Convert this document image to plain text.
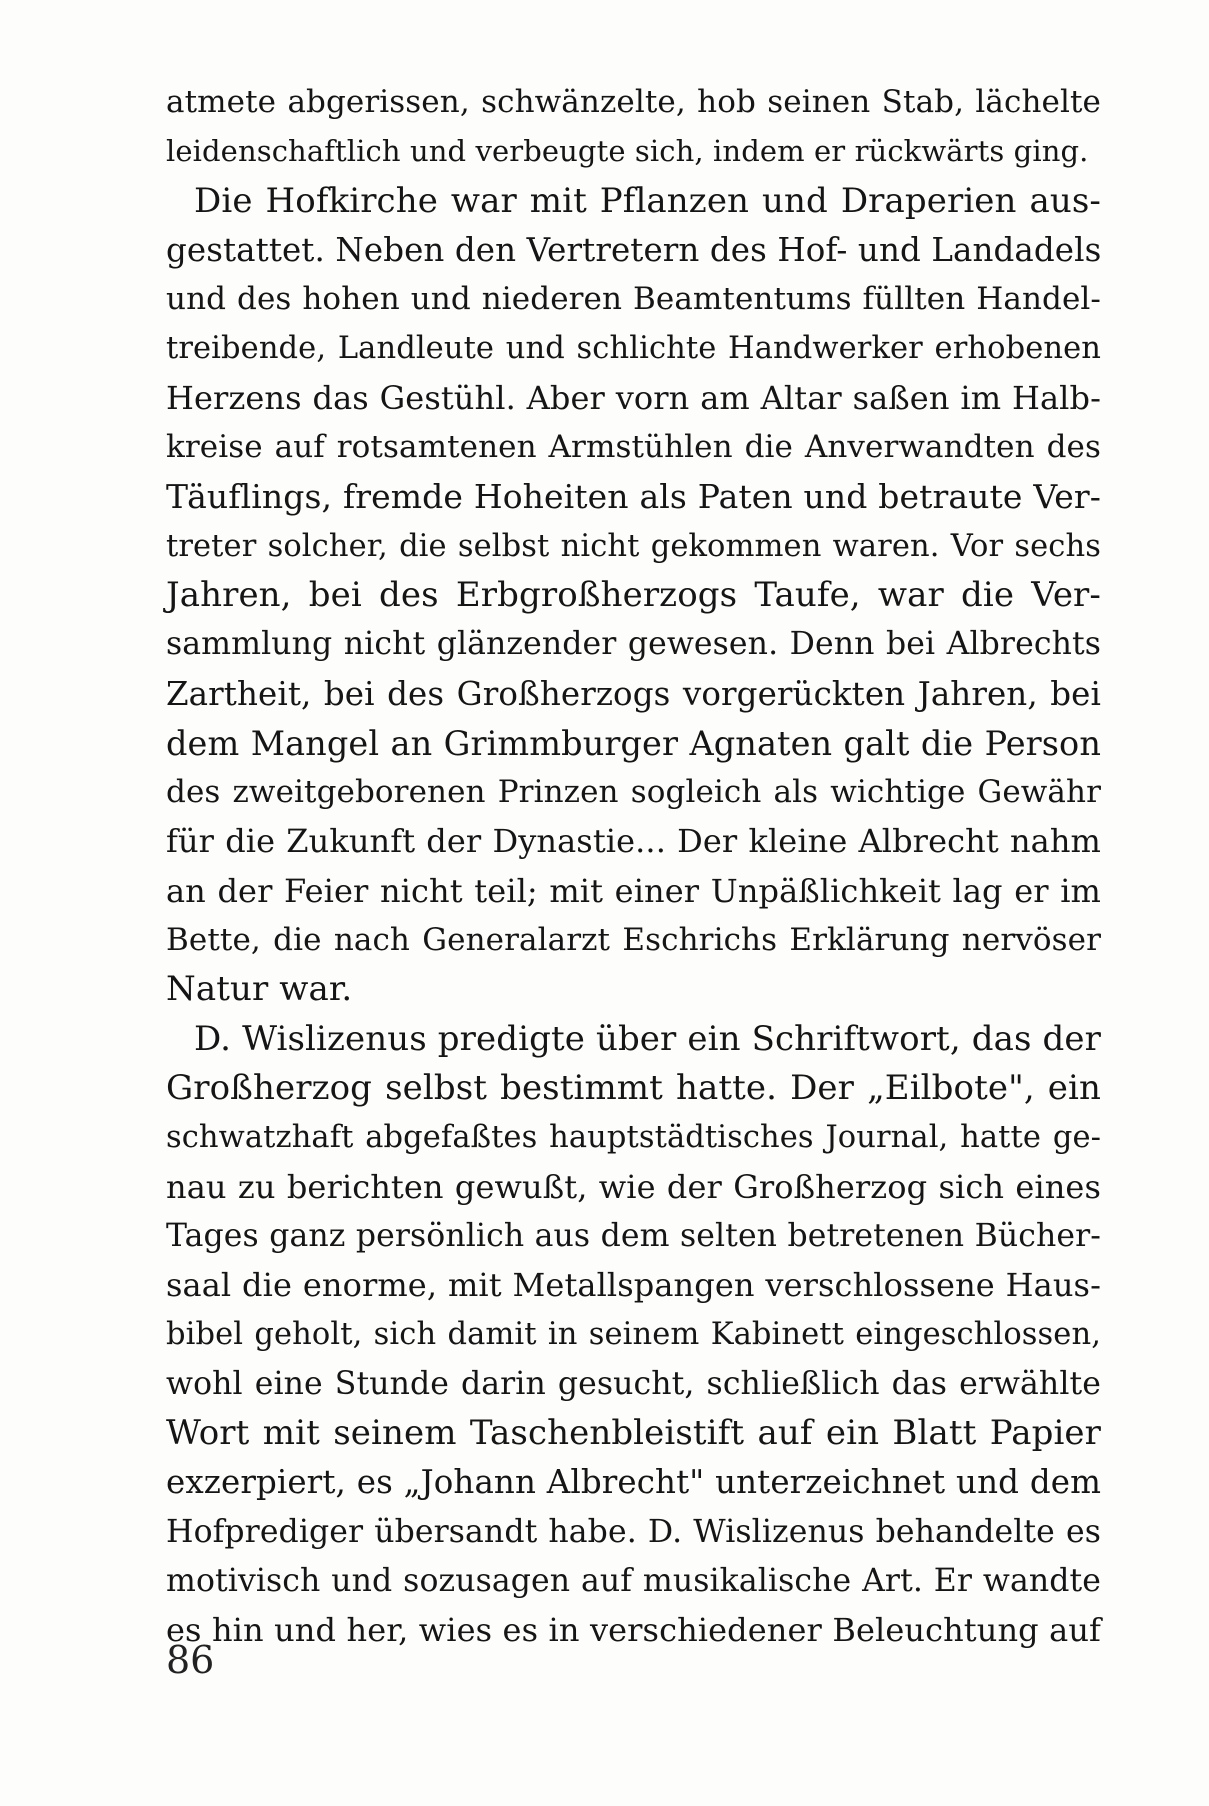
atmete abgerissen, schwänzelte, hob seinen Stab, lächelte
leidenschaftlich und verbeugte sich, indem er rückwärts ging.
Die Hofkirche war mit Pflanzen und Draperien aus-
gestattet. Neben den Vertretern des Hof- und Landadels
und des hohen und niederen Beamtentums füllten Handel-
treibende, Landleute und schlichte Handwerker erhobenen
Herzens das Gestühl. Aber vorn am Altar saßen im Halb-
kreise auf rotsamtenen Armstühlen die Anverwandten des
Täuflings, fremde Hoheiten als Paten und betraute Ver-
treter solcher, die selbst nicht gekommen waren. Vor sechs
Jahren, bei des Erbgroßherzogs Taufe, war die Ver-
sammlung nicht glänzender gewesen. Denn bei Albrechts
Zartheit, bei des Großherzogs vorgerückten Jahren, bei
dem Mangel an Grimmburger Agnaten galt die Person
des zweitgeborenen Prinzen sogleich als wichtige Gewähr
für die Zukunft der Dynastie... Der kleine Albrecht nahm
an der Feier nicht teil; mit einer Unpäßlichkeit lag er im
Bette, die nach Generalarzt Eschrichs Erklärung nervöser
Natur war.
D. Wislizenus predigte über ein Schriftwort, das der
Großherzog selbst bestimmt hatte. Der „Eilbote", ein
schwatzhaft abgefaßtes hauptstädtisches Journal, hatte ge-
nau zu berichten gewußt, wie der Großherzog sich eines
Tages ganz persönlich aus dem selten betretenen Bücher-
saal die enorme, mit Metallspangen verschlossene Haus-
bibel geholt, sich damit in seinem Kabinett eingeschlossen,
wohl eine Stunde darin gesucht, schließlich das erwählte
Wort mit seinem Taschenbleistift auf ein Blatt Papier
exzerpiert, es „Johann Albrecht" unterzeichnet und dem
Hofprediger übersandt habe. D. Wislizenus behandelte es
motivisch und sozusagen auf musikalische Art. Er wandte
es hin und her, wies es in verschiedener Beleuchtung auf
86
